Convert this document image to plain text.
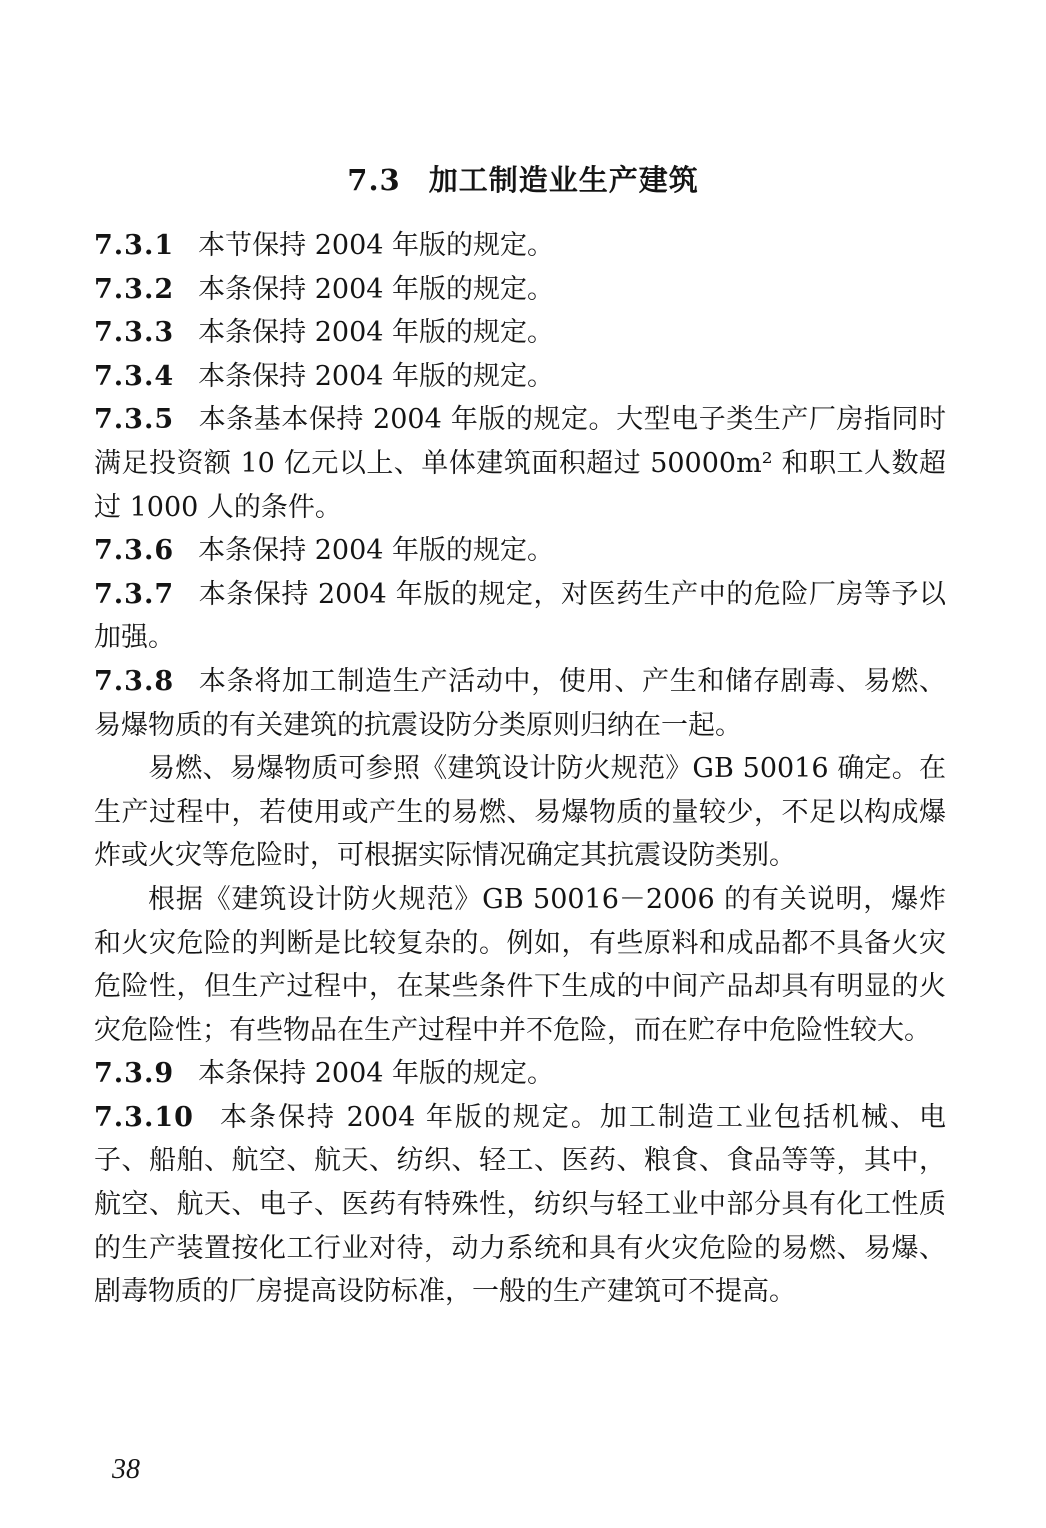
7.3 加工制造业生产建筑

7.3.1 本节保持 2004 年版的规定。

7.3.2 本条保持 2004 年版的规定。

7.3.3 本条保持 2004 年版的规定。

7.3.4 本条保持 2004 年版的规定。

7.3.5 本条基本保持 2004 年版的规定。大型电子类生产厂房指同时满足投资额 10 亿元以上、单体建筑面积超过 50000m² 和职工人数超过 1000 人的条件。

7.3.6 本条保持 2004 年版的规定。

7.3.7 本条保持 2004 年版的规定，对医药生产中的危险厂房等予以加强。

7.3.8 本条将加工制造生产活动中，使用、产生和储存剧毒、易燃、易爆物质的有关建筑的抗震设防分类原则归纳在一起。

易燃、易爆物质可参照《建筑设计防火规范》GB 50016 确定。在生产过程中，若使用或产生的易燃、易爆物质的量较少，不足以构成爆炸或火灾等危险时，可根据实际情况确定其抗震设防类别。

根据《建筑设计防火规范》GB 50016－2006 的有关说明，爆炸和火灾危险的判断是比较复杂的。例如，有些原料和成品都不具备火灾危险性，但生产过程中，在某些条件下生成的中间产品却具有明显的火灾危险性；有些物品在生产过程中并不危险，而在贮存中危险性较大。

7.3.9 本条保持 2004 年版的规定。

7.3.10 本条保持 2004 年版的规定。加工制造工业包括机械、电子、船舶、航空、航天、纺织、轻工、医药、粮食、食品等等，其中，航空、航天、电子、医药有特殊性，纺织与轻工业中部分具有化工性质的生产装置按化工行业对待，动力系统和具有火灾危险的易燃、易爆、剧毒物质的厂房提高设防标准，一般的生产建筑可不提高。

38
